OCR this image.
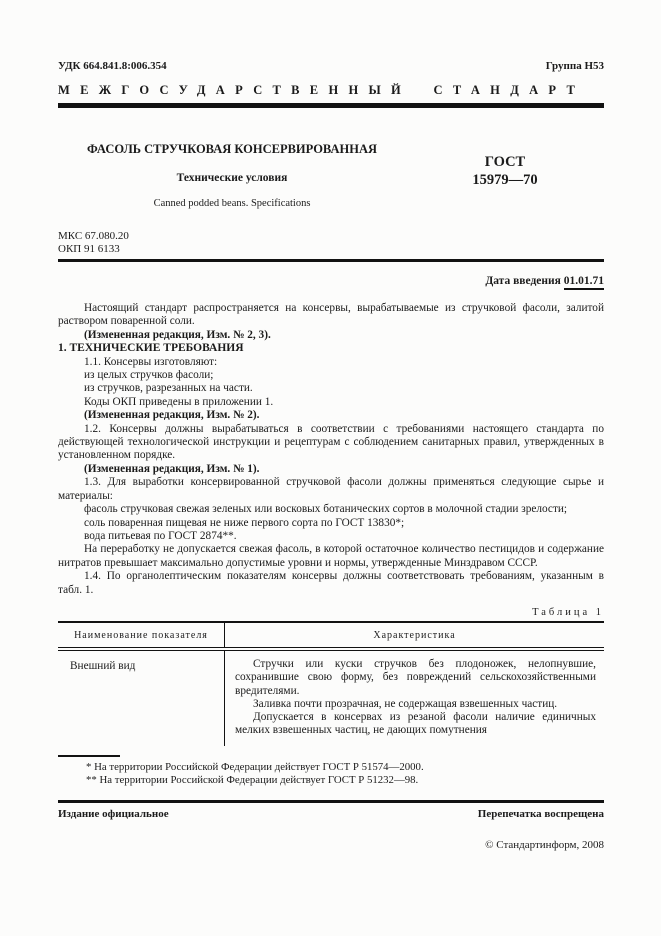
УДК 664.841.8:006.354	Группа Н53
МЕЖГОСУДАРСТВЕННЫЙ СТАНДАРТ
ФАСОЛЬ СТРУЧКОВАЯ КОНСЕРВИРОВАННАЯ
Технические условия
Canned podded beans. Specifications
ГОСТ
15979—70
МКС 67.080.20
ОКП 91 6133
Дата введения 01.01.71

Настоящий стандарт распространяется на консервы, вырабатываемые из стручковой фасоли, залитой раствором поваренной соли.

(Измененная редакция, Изм. № 2, 3).

1. ТЕХНИЧЕСКИЕ ТРЕБОВАНИЯ

1.1. Консервы изготовляют:

из целых стручков фасоли;

из стручков, разрезанных на части.

Коды ОКП приведены в приложении 1.

(Измененная редакция, Изм. № 2).

1.2. Консервы должны вырабатываться в соответствии с требованиями настоящего стандарта по действующей технологической инструкции и рецептурам с соблюдением санитарных правил, утвержденных в установленном порядке.

(Измененная редакция, Изм. № 1).

1.3. Для выработки консервированной стручковой фасоли должны применяться следующие сырье и материалы:

фасоль стручковая свежая зеленых или восковых ботанических сортов в молочной стадии зрелости;

соль поваренная пищевая не ниже первого сорта по ГОСТ 13830*;

вода питьевая по ГОСТ 2874**.

На переработку не допускается свежая фасоль, в которой остаточное количество пестицидов и содержание нитратов превышает максимально допустимые уровни и нормы, утвержденные Минздравом СССР.

1.4. По органолептическим показателям консервы должны соответствовать требованиям, указанным в табл. 1.

Таблица 1
Наименование показателя	Характеристика
Внешний вид	Стручки или куски стручков без плодоножек, нелопнувшие, сохранившие свою форму, без повреждений сельскохозяйственными вредителями.

Заливка почти прозрачная, не содержащая взвешенных частиц.

Допускается в консервах из резаной фасоли наличие единичных мелких взвешенных частиц, не дающих помутнения

* На территории Российской Федерации действует ГОСТ Р 51574—2000.

** На территории Российской Федерации действует ГОСТ Р 51232—98.

Издание официальное	Перепечатка воспрещена
© Стандартинформ, 2008
